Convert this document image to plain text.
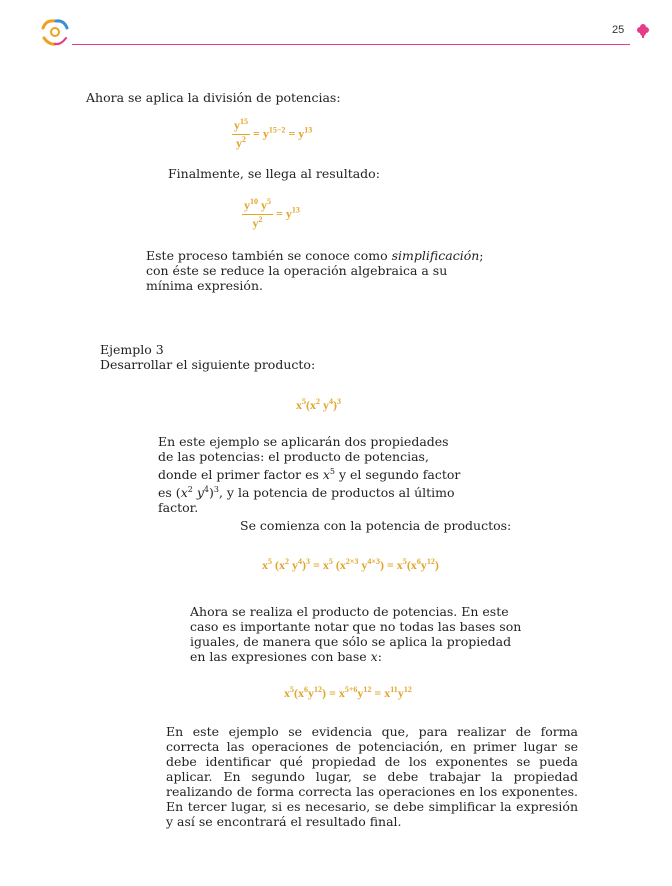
25
Ahora se aplica la división de potencias:
$\frac{y^{15}}{y^2} = y^{15-2} = y^{13}$
Finalmente, se llega al resultado:
$\frac{y^{10} y^5}{y^2} = y^{13}$
Este proceso también se conoce como simplificación; con éste se reduce la operación algebraica a su mínima expresión.
Ejemplo 3
Desarrollar el siguiente producto:
$x^5(x^2$ $y^4)^3$
En este ejemplo se aplicarán dos propiedades de las potencias: el producto de potencias, donde el primer factor es $x^5$ y el segundo factor es ($x^2$ $y^4)^3$, y la potencia de productos al último factor.
Se comienza con la potencia de productos:
$x^5$ ($x^2$ $y^4)^3 = x^5$ ($x^{2\times 3}$ $y^{4\times 3}) = x^5(x^6y^{12})$
Ahora se realiza el producto de potencias. En este caso es importante notar que no todas las bases son iguales, de manera que sólo se aplica la propiedad en las expresiones con base x:
$x^5(x^6y^{12}) = x^{5+6}y^{12} = x^{11}y^{12}$
En este ejemplo se evidencia que, para realizar de forma correcta las operaciones de potenciación, en primer lugar se debe identificar qué propiedad de los exponentes se pueda aplicar. En segundo lugar, se debe trabajar la propiedad realizando de forma correcta las operaciones en los exponentes. En tercer lugar, si es necesario, se debe simplificar la expresión y así se encontrará el resultado final.
